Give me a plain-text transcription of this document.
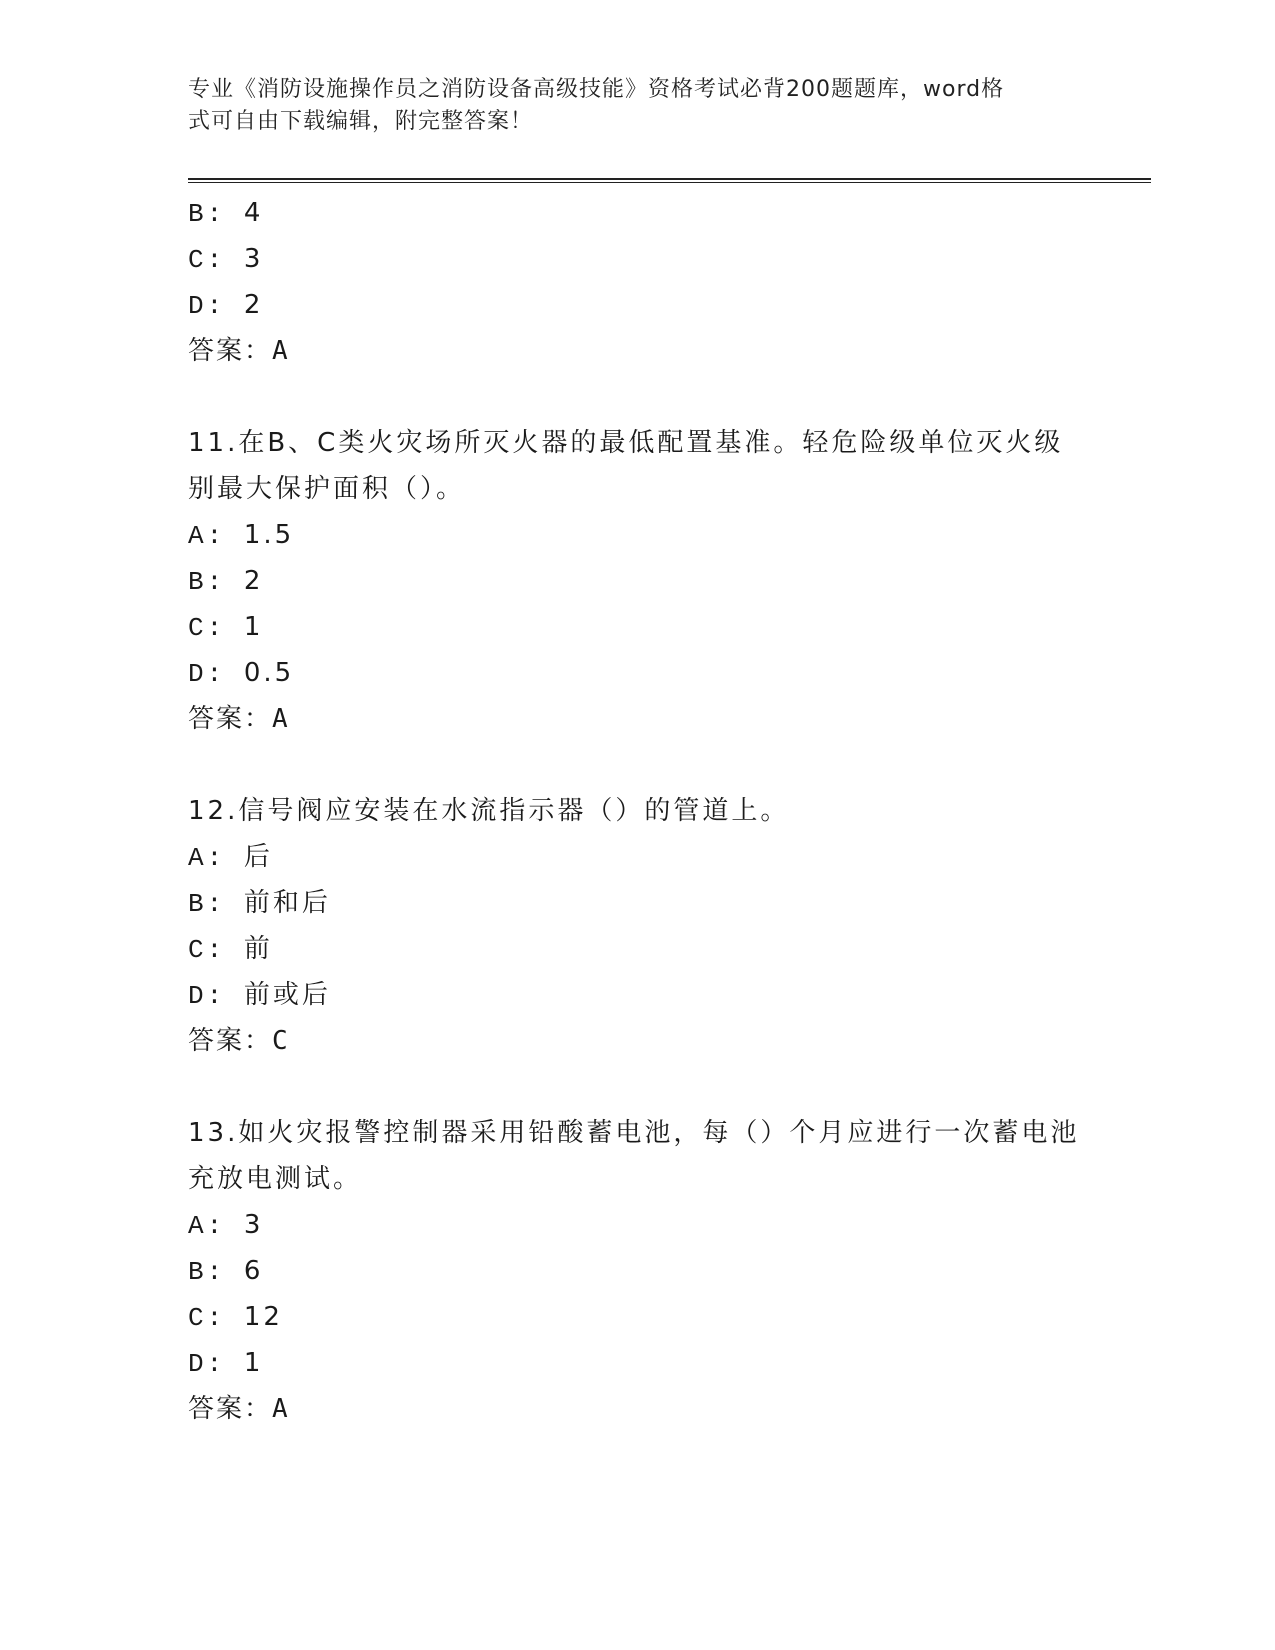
专业《消防设施操作员之消防设备高级技能》资格考试必背200题题库，word格
式可自由下载编辑，附完整答案！
B: 4
C: 3
D: 2
答案：A
11.在B、C类火灾场所灭火器的最低配置基准。轻危险级单位灭火级
别最大保护面积（）。
A: 1.5
B: 2
C: 1
D: 0.5
答案：A
12.信号阀应安装在水流指示器（）的管道上。
A: 后
B: 前和后
C: 前
D: 前或后
答案：C
13.如火灾报警控制器采用铅酸蓄电池，每（）个月应进行一次蓄电池
充放电测试。
A: 3
B: 6
C: 12
D: 1
答案：A
